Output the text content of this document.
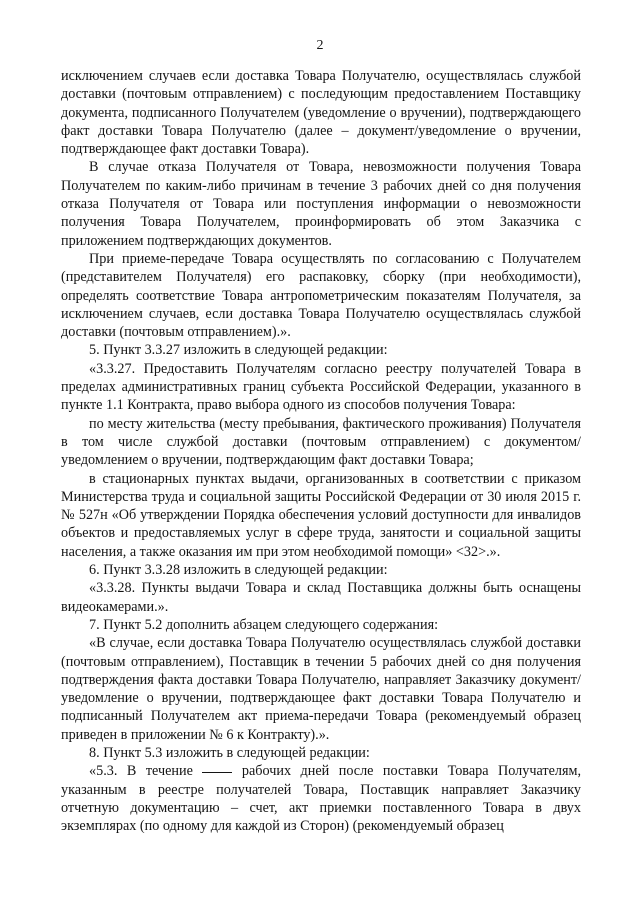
2

исключением случаев если доставка Товара Получателю, осуществлялась службой доставки (почтовым отправлением) с последующим предоставлением Поставщику документа, подписанного Получателем (уведомление о вручении), подтверждающего факт доставки Товара Получателю (далее – документ/уведомление о вручении, подтверждающее факт доставки Товара).

В случае отказа Получателя от Товара, невозможности получения Товара Получателем по каким-либо причинам в течение 3 рабочих дней со дня получения отказа Получателя от Товара или поступления информации о невозможности получения Товара Получателем, проинформировать об этом Заказчика с приложением подтверждающих документов.

При приеме-передаче Товара осуществлять по согласованию с Получателем (представителем Получателя) его распаковку, сборку (при необходимости), определять соответствие Товара антропометрическим показателям Получателя, за исключением случаев, если доставка Товара Получателю осуществлялась службой доставки (почтовым отправлением).».

5. Пункт 3.3.27 изложить в следующей редакции:

«3.3.27. Предоставить Получателям согласно реестру получателей Товара в пределах административных границ субъекта Российской Федерации, указанного в пункте 1.1 Контракта, право выбора одного из способов получения Товара:

по месту жительства (месту пребывания, фактического проживания) Получателя в том числе службой доставки (почтовым отправлением) с документом/уведомлением о вручении, подтверждающим факт доставки Товара;

в стационарных пунктах выдачи, организованных в соответствии с приказом Министерства труда и социальной защиты Российской Федерации от 30 июля 2015 г. № 527н «Об утверждении Порядка обеспечения условий доступности для инвалидов объектов и предоставляемых услуг в сфере труда, занятости и социальной защиты населения, а также оказания им при этом необходимой помощи» <32>.».

6. Пункт 3.3.28 изложить в следующей редакции:

«3.3.28. Пункты выдачи Товара и склад Поставщика должны быть оснащены видеокамерами.».

7. Пункт 5.2 дополнить абзацем следующего содержания:

«В случае, если доставка Товара Получателю осуществлялась службой доставки (почтовым отправлением), Поставщик в течении 5 рабочих дней со дня получения подтверждения факта доставки Товара Получателю, направляет Заказчику документ/уведомление о вручении, подтверждающее факт доставки Товара Получателю и подписанный Получателем акт приема-передачи Товара (рекомендуемый образец приведен в приложении № 6 к Контракту).».

8. Пункт 5.3 изложить в следующей редакции:

«5.3. В течение	рабочих дней после поставки Товара Получателям, указанным в реестре получателей Товара, Поставщик направляет Заказчику отчетную документацию – счет, акт приемки поставленного Товара в двух экземплярах (по одному для каждой из Сторон) (рекомендуемый образец
